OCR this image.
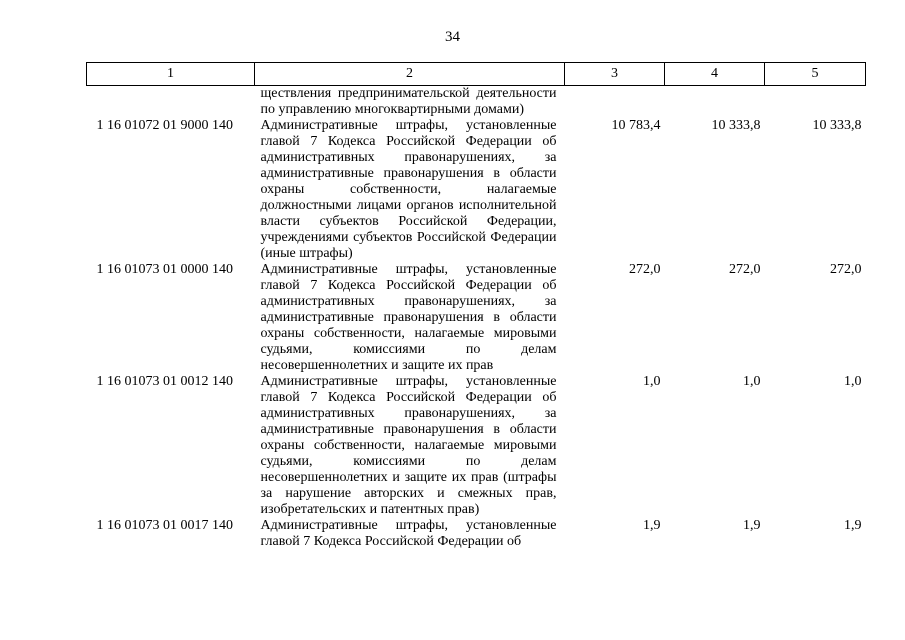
34
1	2	3	4	5
	ществления предпринимательской деятельности по управлению многоквартирными домами)			
1 16 01072 01 9000 140	Административные штрафы, установленные главой 7 Кодекса Российской Федерации об административных правонарушениях, за административные правонарушения в области охраны собственности, налагаемые должностными лицами органов исполнительной власти субъектов Российской Федерации, учреждениями субъектов Российской Федерации (иные штрафы)	10 783,4	10 333,8	10 333,8
1 16 01073 01 0000 140	Административные штрафы, установленные главой 7 Кодекса Российской Федерации об административных правонарушениях, за административные правонарушения в области охраны собственности, налагаемые мировыми судьями, комиссиями по делам несовершеннолетних и защите их прав	272,0	272,0	272,0
1 16 01073 01 0012 140	Административные штрафы, установленные главой 7 Кодекса Российской Федерации об административных правонарушениях, за административные правонарушения в области охраны собственности, налагаемые мировыми судьями, комиссиями по делам несовершеннолетних и защите их прав (штрафы за нарушение авторских и смежных прав, изобретательских и патентных прав)	1,0	1,0	1,0
1 16 01073 01 0017 140	Административные штрафы, установленные главой 7 Кодекса Российской Федерации об	1,9	1,9	1,9
